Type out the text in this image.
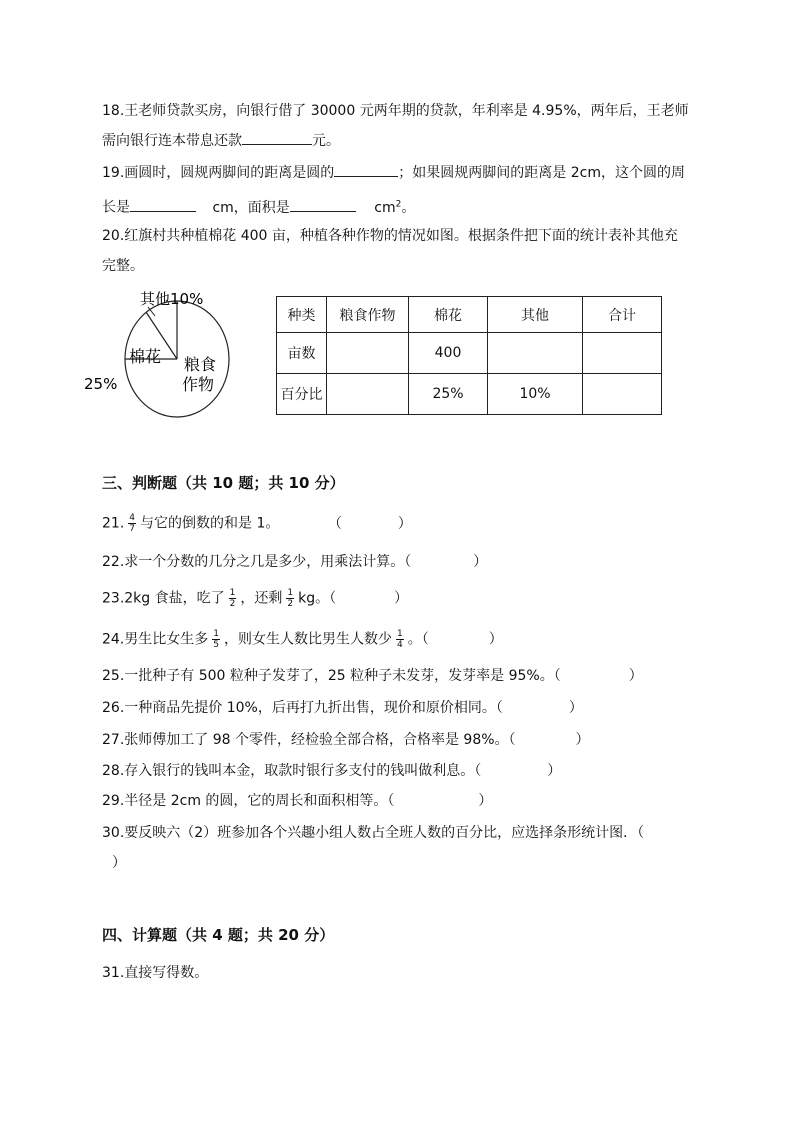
18.王老师贷款买房，向银行借了 30000 元两年期的贷款，年利率是 4.95%，两年后，王老师
需向银行连本带息还款	元。
19.画圆时，圆规两脚间的距离是圆的	；如果圆规两脚间的距离是 2cm，这个圆的周
长是	cm，面积是	$cm^2$。
20.红旗村共种植棉花 400 亩，种植各种作物的情况如图。根据条件把下面的统计表补其他充
完整。
其他10%
棉花
25%
粮食
作物
种类	粮食作物	棉花	其他	合计
亩数		400		
百分比		25%	10%	
三、判断题（共 10 题；共 10 分）
21. $\frac{4}{7}$ 与它的倒数的和是 1。	（	）
22.求一个分数的几分之几是多少，用乘法计算。（	）
23.2kg 食盐，吃了 $\frac{1}{2}$ ，还剩 $\frac{1}{2}$ kg。（	）
24.男生比女生多 $\frac{1}{5}$ ，则女生人数比男生人数少 $\frac{1}{4}$ 。（	）
25.一批种子有 500 粒种子发芽了，25 粒种子未发芽，发芽率是 95%。（	）
26.一种商品先提价 10%，后再打九折出售，现价和原价相同。（	）
27.张师傅加工了 98 个零件，经检验全部合格，合格率是 98%。（	）
28.存入银行的钱叫本金，取款时银行多支付的钱叫做利息。（	）
29.半径是 2cm 的圆，它的周长和面积相等。（	）
30.要反映六（2）班参加各个兴趣小组人数占全班人数的百分比，应选择条形统计图．（
）
四、计算题（共 4 题；共 20 分）
31.直接写得数。
